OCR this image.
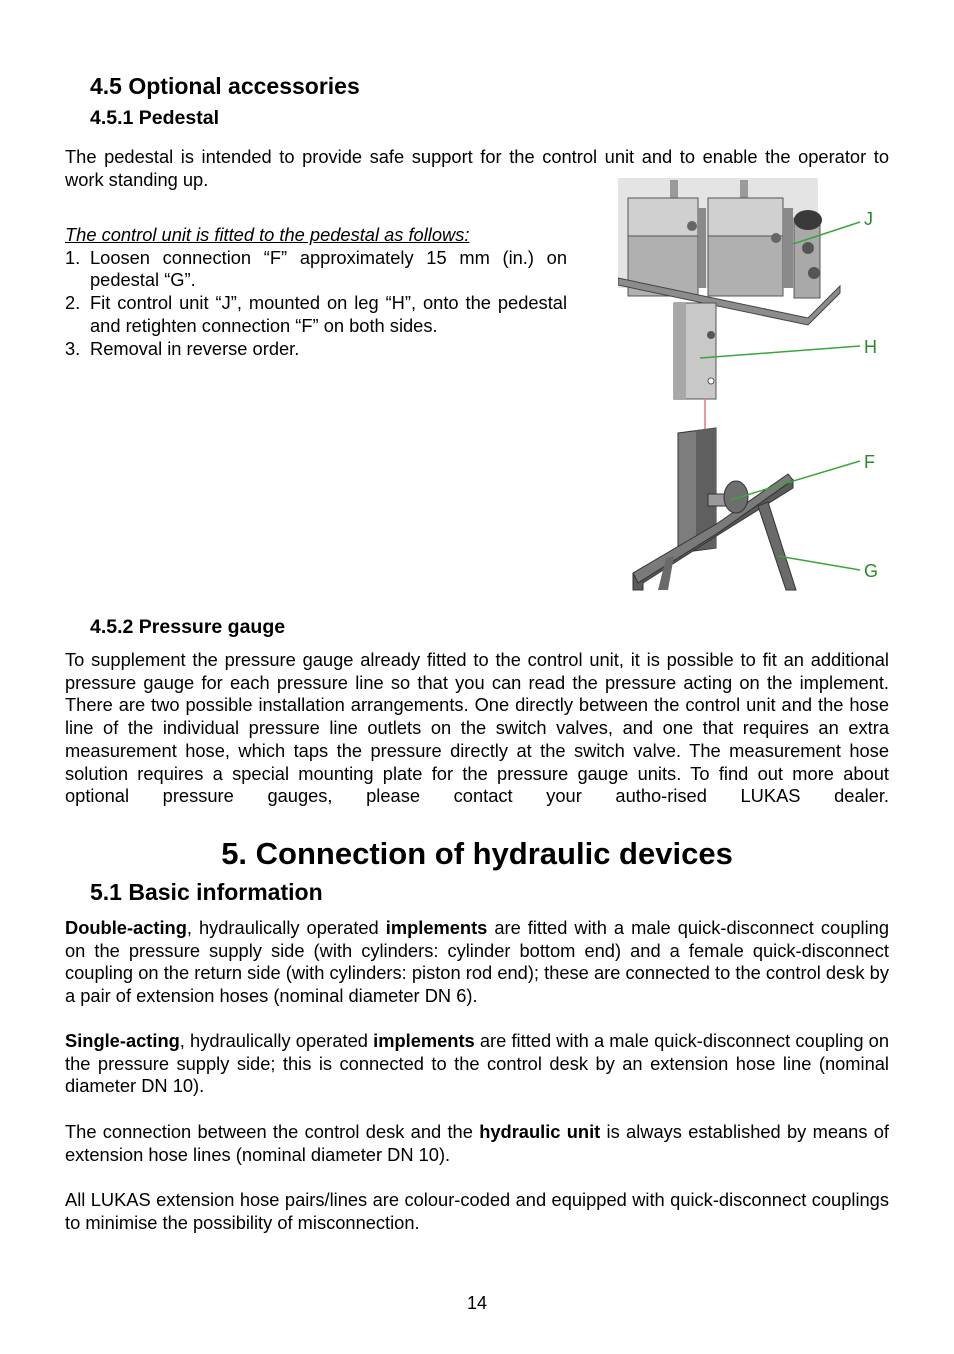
4.5 Optional accessories
4.5.1 Pedestal

The pedestal is intended to provide safe support for the control unit and to enable the operator to work standing up.

The control unit is fitted to the pedestal as follows:
1. Loosen connection “F” approximately 15 mm (in.) on pedestal “G”.
2. Fit control unit “J”, mounted on leg “H”, onto the pedestal and retighten connection “F” on both sides.
3. Removal in reverse order.
J
H
F
G
4.5.2 Pressure gauge

To supplement the pressure gauge already fitted to the control unit, it is possible to fit an additional pressure gauge for each pressure line so that you can read the pressure acting on the implement. There are two possible installation arrangements. One directly between the control unit and the hose line of the individual pressure line outlets on the switch valves, and one that requires an extra measurement hose, which taps the pressure directly at the switch valve. The measurement hose solution requires a special mounting plate for the pressure gauge units. To find out more about optional pressure gauges, please contact your autho-rised LUKAS dealer.

5. Connection of hydraulic devices
5.1 Basic information

Double-acting, hydraulically operated implements are fitted with a male quick-disconnect coupling on the pressure supply side (with cylinders: cylinder bottom end) and a female quick-disconnect coupling on the return side (with cylinders: piston rod end); these are connected to the control desk by a pair of extension hoses (nominal diameter DN 6).

Single-acting, hydraulically operated implements are fitted with a male quick-disconnect coupling on the pressure supply side; this is connected to the control desk by an extension hose line (nominal diameter DN 10).

The connection between the control desk and the hydraulic unit is always established by means of extension hose lines (nominal diameter DN 10).

All LUKAS extension hose pairs/lines are colour-coded and equipped with quick-disconnect couplings to minimise the possibility of misconnection.

14
